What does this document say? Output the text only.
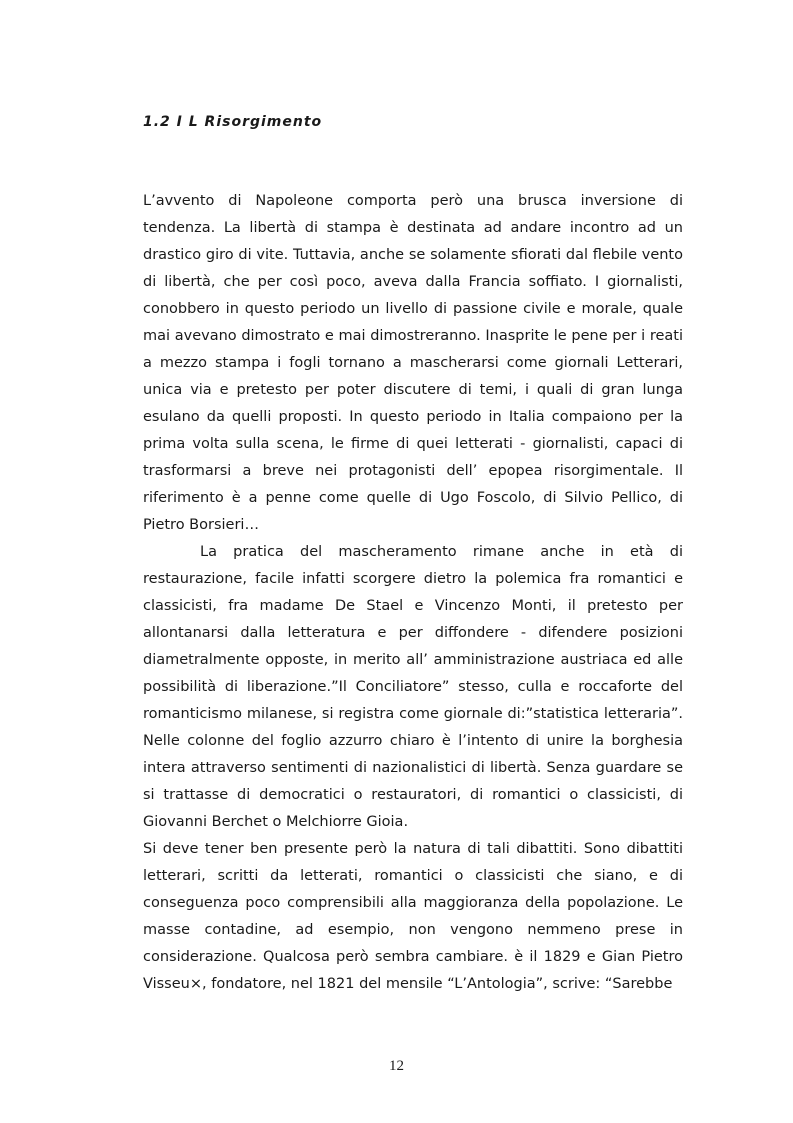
1.2 I L Risorgimento

L’avvento di Napoleone comporta però una brusca inversione di tendenza. La libertà di stampa è destinata ad andare incontro ad un drastico giro di vite. Tuttavia, anche se solamente sfiorati dal flebile vento di libertà, che per così poco, aveva dalla Francia soffiato. I giornalisti, conobbero in questo periodo un livello di passione civile e morale, quale mai avevano dimostrato e mai dimostreranno. Inasprite le pene per i reati a mezzo stampa i fogli tornano a mascherarsi come giornali Letterari, unica via e pretesto per poter discutere di temi, i quali di gran lunga esulano da quelli proposti. In questo periodo in Italia compaiono per la prima volta sulla scena, le firme di quei letterati - giornalisti, capaci di trasformarsi a breve nei protagonisti dell’ epopea risorgimentale. Il riferimento è a penne come quelle di Ugo Foscolo, di Silvio Pellico, di Pietro Borsieri…

La pratica del mascheramento rimane anche in età di restaurazione, facile infatti scorgere dietro la polemica fra romantici e classicisti, fra madame De Stael e Vincenzo Monti, il pretesto per allontanarsi dalla letteratura e per diffondere - difendere posizioni diametralmente opposte, in merito all’ amministrazione austriaca ed alle possibilità di liberazione.”Il Conciliatore” stesso, culla e roccaforte del romanticismo milanese, si registra come giornale di:”statistica letteraria”. Nelle colonne del foglio azzurro chiaro è l’intento di unire la borghesia intera attraverso sentimenti di nazionalistici di libertà. Senza guardare se si trattasse di democratici o restauratori, di romantici o classicisti, di Giovanni Berchet o Melchiorre Gioia.

Si deve tener ben presente però la natura di tali dibattiti. Sono dibattiti letterari, scritti da letterati, romantici o classicisti che siano, e di conseguenza poco comprensibili alla maggioranza della popolazione. Le masse contadine, ad esempio, non vengono nemmeno prese in considerazione. Qualcosa però sembra cambiare. è il 1829 e Gian Pietro Visseu×, fondatore, nel 1821 del mensile “L’Antologia”, scrive: “Sarebbe

12
